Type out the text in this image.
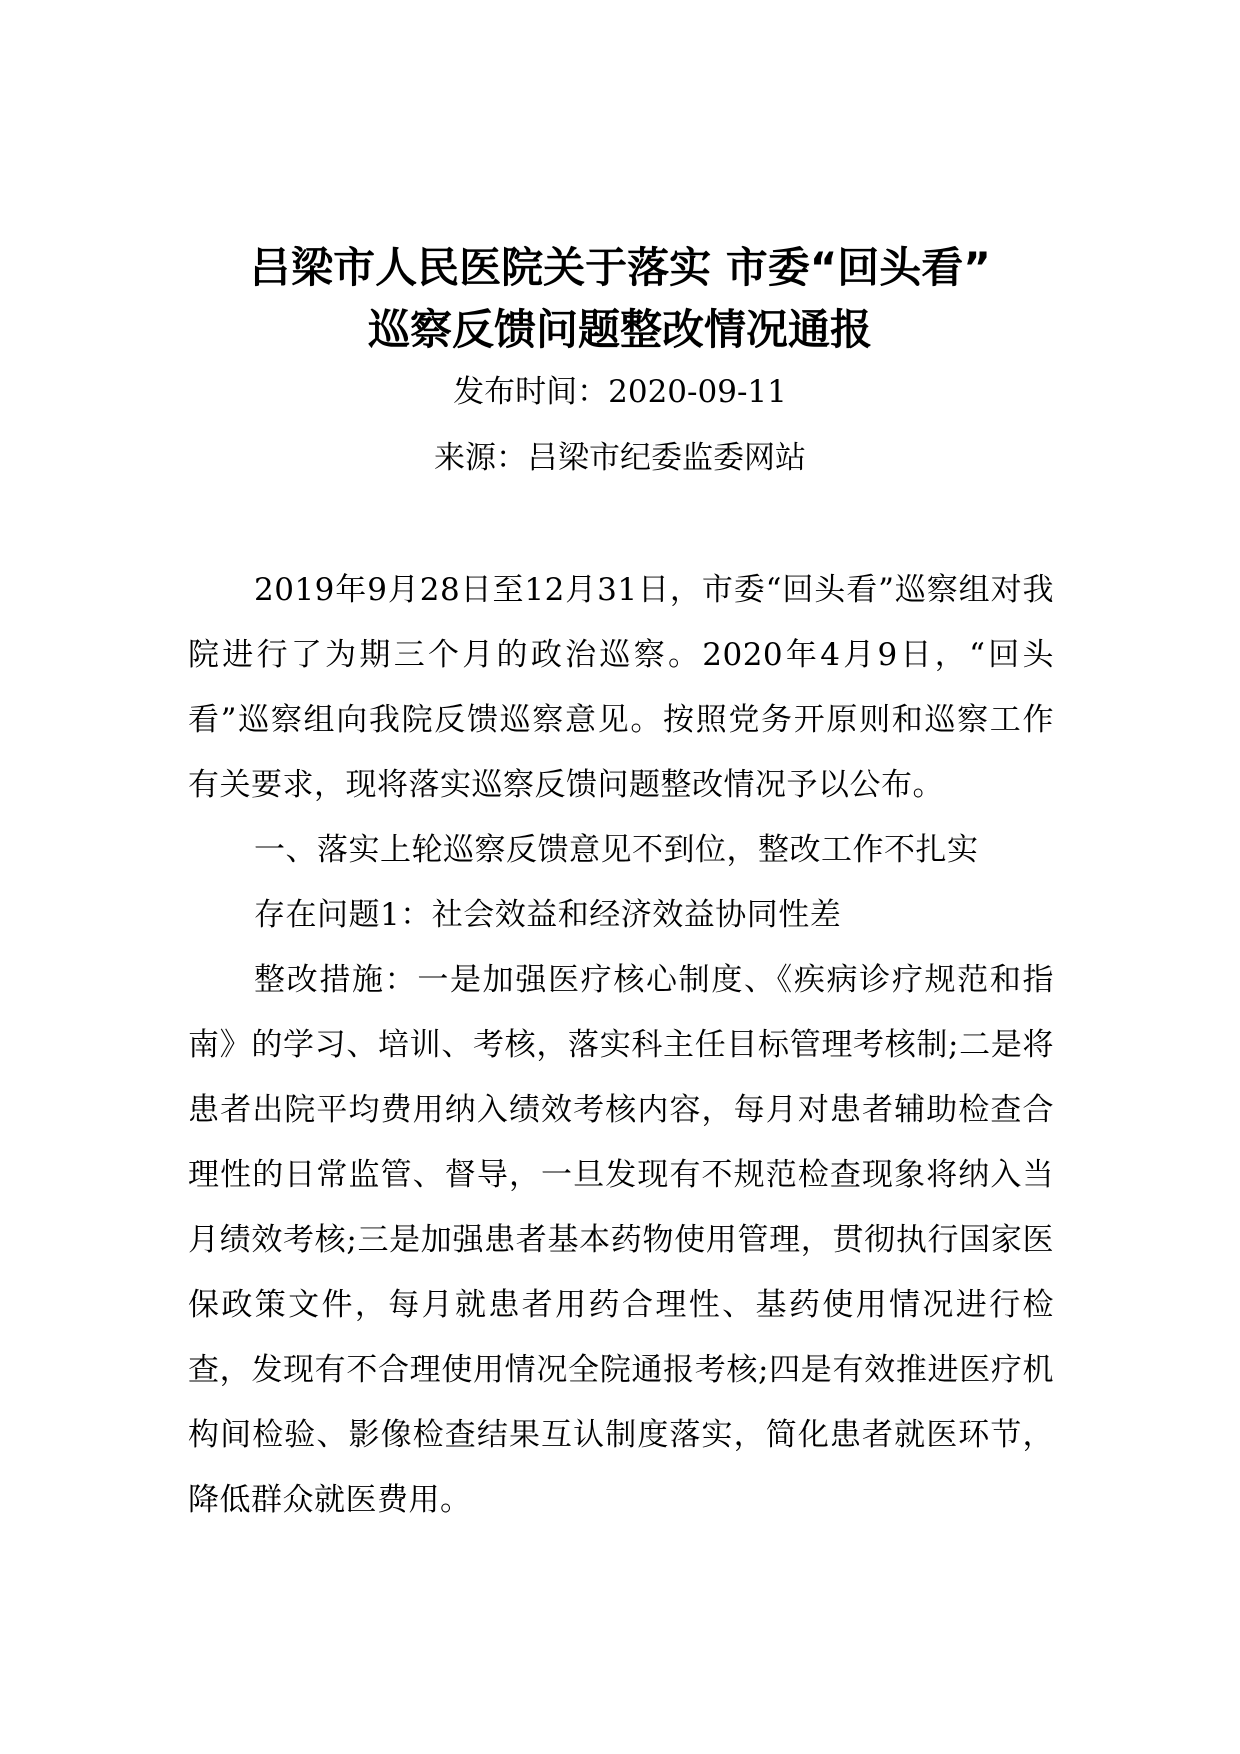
吕梁市人民医院关于落实 市委“回头看”
巡察反馈问题整改情况通报
发布时间：2020-09-11
来源：吕梁市纪委监委网站

2019年9月28日至12月31日，市委“回头看”巡察组对我院进行了为期三个月的政治巡察。2020年4月9日，“回头看”巡察组向我院反馈巡察意见。按照党务开原则和巡察工作有关要求，现将落实巡察反馈问题整改情况予以公布。

一、落实上轮巡察反馈意见不到位，整改工作不扎实

存在问题1：社会效益和经济效益协同性差

整改措施：一是加强医疗核心制度、《疾病诊疗规范和指南》的学习、培训、考核，落实科主任目标管理考核制;二是将患者出院平均费用纳入绩效考核内容，每月对患者辅助检查合理性的日常监管、督导，一旦发现有不规范检查现象将纳入当月绩效考核;三是加强患者基本药物使用管理，贯彻执行国家医保政策文件，每月就患者用药合理性、基药使用情况进行检查，发现有不合理使用情况全院通报考核;四是有效推进医疗机构间检验、影像检查结果互认制度落实，简化患者就医环节，降低群众就医费用。
